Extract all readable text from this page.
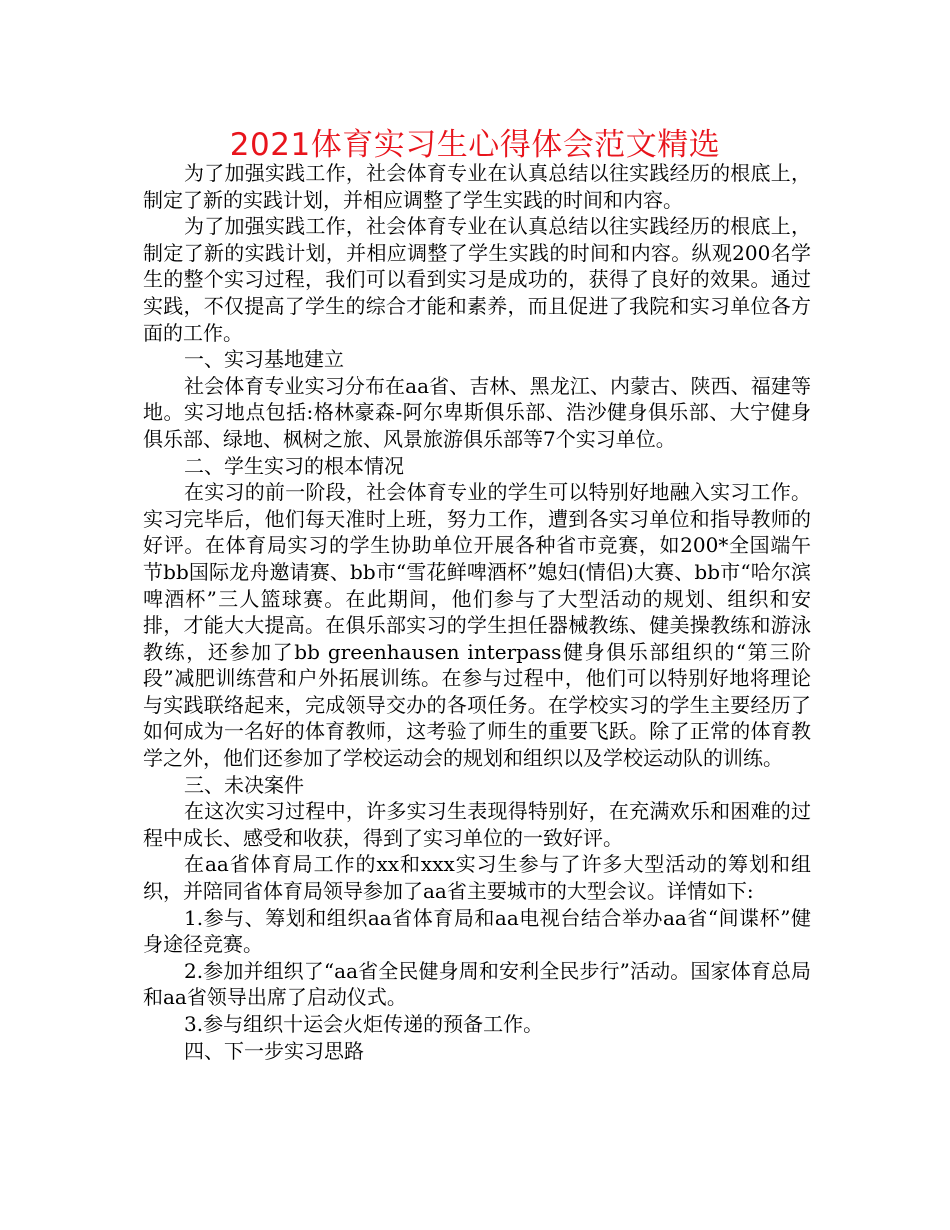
2021体育实习生心得体会范文精选

为了加强实践工作，社会体育专业在认真总结以往实践经历的根底上，制定了新的实践计划，并相应调整了学生实践的时间和内容。

为了加强实践工作，社会体育专业在认真总结以往实践经历的根底上，制定了新的实践计划，并相应调整了学生实践的时间和内容。纵观200名学生的整个实习过程，我们可以看到实习是成功的，获得了良好的效果。通过实践，不仅提高了学生的综合才能和素养，而且促进了我院和实习单位各方面的工作。

一、实习基地建立

社会体育专业实习分布在aa省、吉林、黑龙江、内蒙古、陕西、福建等地。实习地点包括:格林豪森-阿尔卑斯俱乐部、浩沙健身俱乐部、大宁健身俱乐部、绿地、枫树之旅、风景旅游俱乐部等7个实习单位。

二、学生实习的根本情况

在实习的前一阶段，社会体育专业的学生可以特别好地融入实习工作。实习完毕后，他们每天准时上班，努力工作，遭到各实习单位和指导教师的好评。在体育局实习的学生协助单位开展各种省市竞赛，如200*全国端午节bb国际龙舟邀请赛、bb市“雪花鲜啤酒杯”媳妇(情侣)大赛、bb市“哈尔滨啤酒杯”三人篮球赛。在此期间，他们参与了大型活动的规划、组织和安排，才能大大提高。在俱乐部实习的学生担任器械教练、健美操教练和游泳教练，还参加了bb greenhausen interpass健身俱乐部组织的“第三阶段”减肥训练营和户外拓展训练。在参与过程中，他们可以特别好地将理论与实践联络起来，完成领导交办的各项任务。在学校实习的学生主要经历了如何成为一名好的体育教师，这考验了师生的重要飞跃。除了正常的体育教学之外，他们还参加了学校运动会的规划和组织以及学校运动队的训练。

三、未决案件

在这次实习过程中，许多实习生表现得特别好，在充满欢乐和困难的过程中成长、感受和收获，得到了实习单位的一致好评。

在aa省体育局工作的xx和xxx实习生参与了许多大型活动的筹划和组织，并陪同省体育局领导参加了aa省主要城市的大型会议。详情如下:

1.参与、筹划和组织aa省体育局和aa电视台结合举办aa省“间谍杯”健身途径竞赛。

2.参加并组织了“aa省全民健身周和安利全民步行”活动。国家体育总局和aa省领导出席了启动仪式。

3.参与组织十运会火炬传递的预备工作。

四、下一步实习思路
